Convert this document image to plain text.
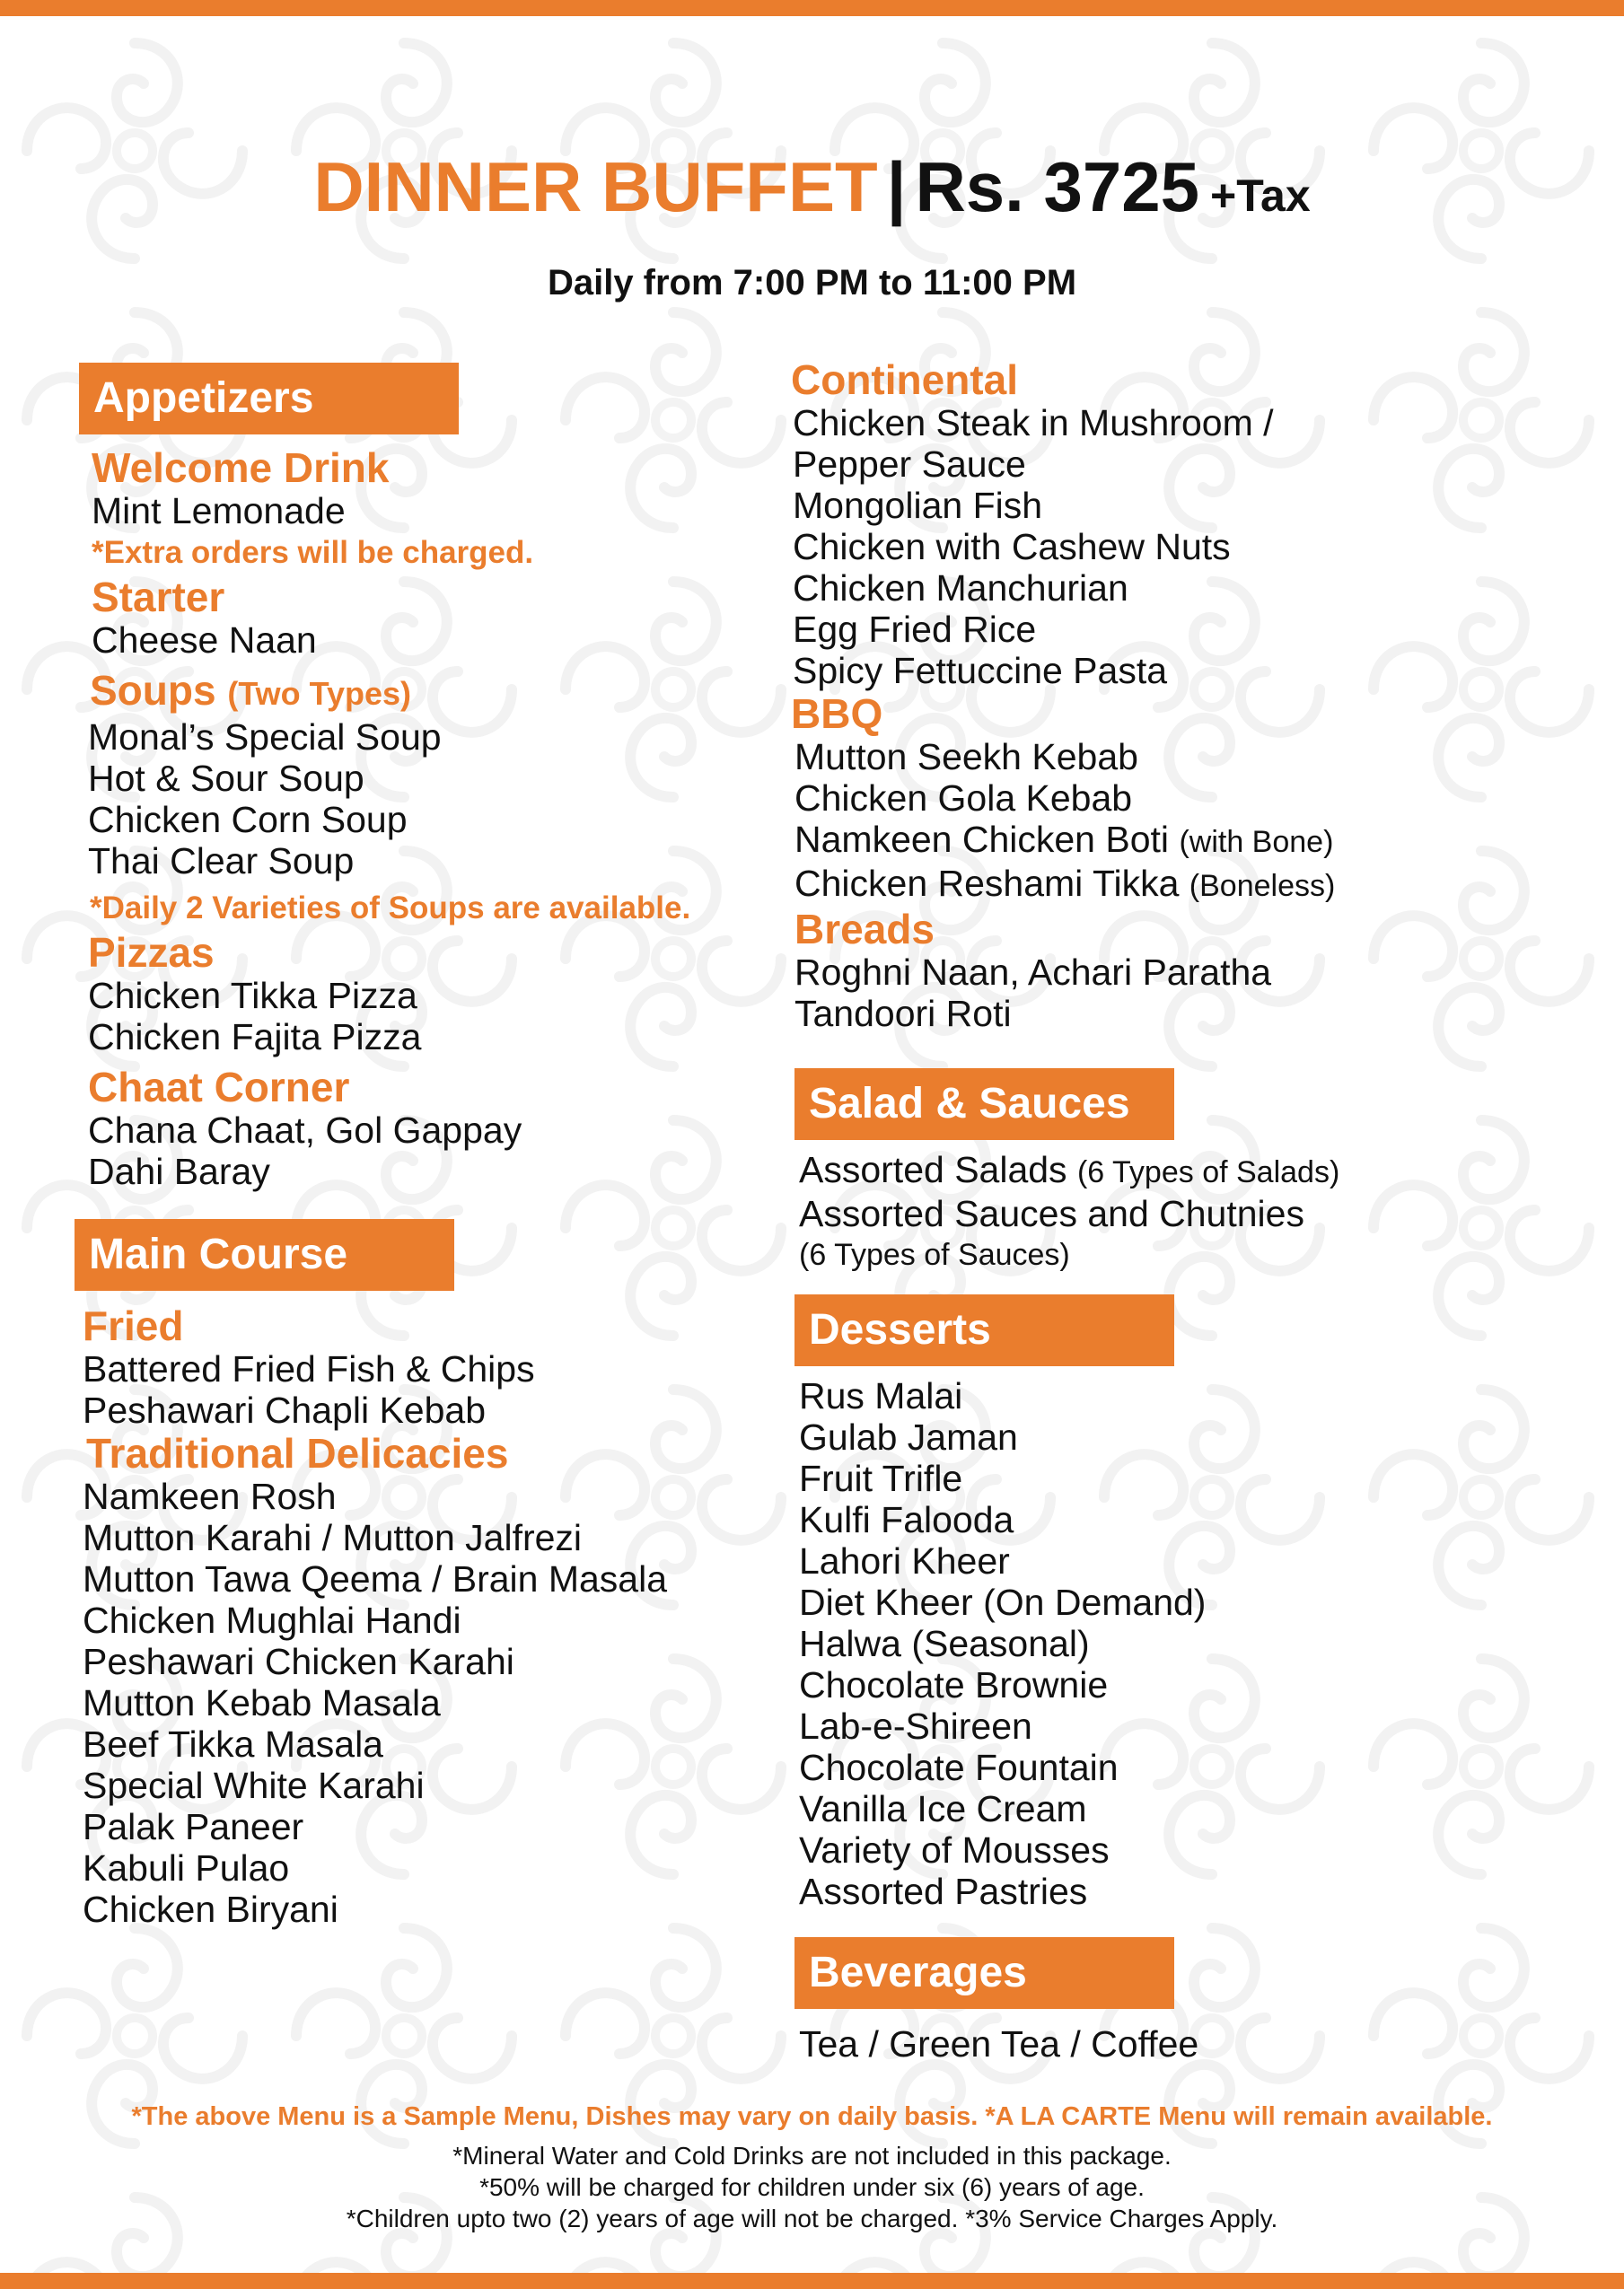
DINNER BUFFET | Rs. 3725 +Tax
Daily from 7:00 PM to 11:00 PM
Appetizers
Welcome Drink
Mint Lemonade
*Extra orders will be charged.
Starter
Cheese Naan
Soups (Two Types)
Monal’s Special Soup
Hot & Sour Soup
Chicken Corn Soup
Thai Clear Soup
*Daily 2 Varieties of Soups are available.
Pizzas
Chicken Tikka Pizza
Chicken Fajita Pizza
Chaat Corner
Chana Chaat, Gol Gappay
Dahi Baray
Main Course
Fried
Battered Fried Fish & Chips
Peshawari Chapli Kebab
Traditional Delicacies
Namkeen Rosh
Mutton Karahi / Mutton Jalfrezi
Mutton Tawa Qeema / Brain Masala
Chicken Mughlai Handi
Peshawari Chicken Karahi
Mutton Kebab Masala
Beef Tikka Masala
Special White Karahi
Palak Paneer
Kabuli Pulao
Chicken Biryani
Continental
Chicken Steak in Mushroom /
Pepper Sauce
Mongolian Fish
Chicken with Cashew Nuts
Chicken Manchurian
Egg Fried Rice
Spicy Fettuccine Pasta
BBQ
Mutton Seekh Kebab
Chicken Gola Kebab
Namkeen Chicken Boti (with Bone)
Chicken Reshami Tikka (Boneless)
Breads
Roghni Naan, Achari Paratha
Tandoori Roti
Salad & Sauces
Assorted Salads (6 Types of Salads)
Assorted Sauces and Chutnies
(6 Types of Sauces)
Desserts
Rus Malai
Gulab Jaman
Fruit Trifle
Kulfi Falooda
Lahori Kheer
Diet Kheer (On Demand)
Halwa (Seasonal)
Chocolate Brownie
Lab-e-Shireen
Chocolate Fountain
Vanilla Ice Cream
Variety of Mousses
Assorted Pastries
Beverages
Tea / Green Tea / Coffee
*The above Menu is a Sample Menu, Dishes may vary on daily basis. *A LA CARTE Menu will remain available.
*Mineral Water and Cold Drinks are not included in this package.
*50% will be charged for children under six (6) years of age.
*Children upto two (2) years of age will not be charged. *3% Service Charges Apply.
